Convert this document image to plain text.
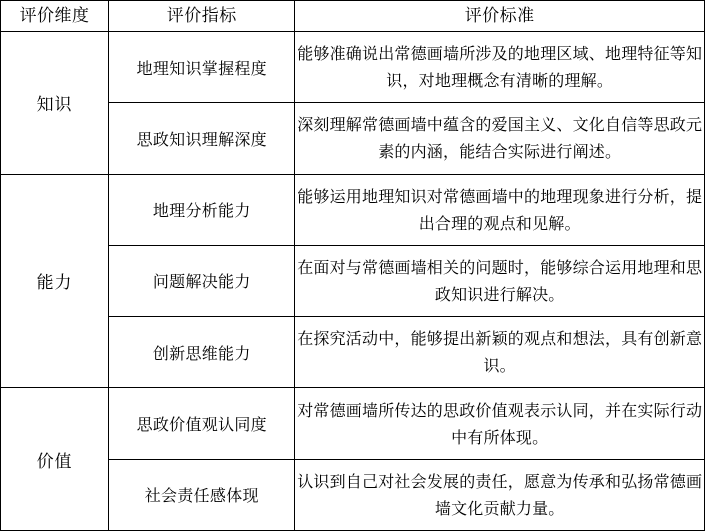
评价维度	评价指标	评价标准
知识	地理知识掌握程度	能够准确说出常德画墙所涉及的地理区域、地理特征等知识，对地理概念有清晰的理解。
	思政知识理解深度	深刻理解常德画墙中蕴含的爱国主义、文化自信等思政元素的内涵，能结合实际进行阐述。
能力	地理分析能力	能够运用地理知识对常德画墙中的地理现象进行分析，提出合理的观点和见解。
	问题解决能力	在面对与常德画墙相关的问题时，能够综合运用地理和思政知识进行解决。
	创新思维能力	在探究活动中，能够提出新颖的观点和想法，具有创新意识。
价值	思政价值观认同度	对常德画墙所传达的思政价值观表示认同，并在实际行动中有所体现。
	社会责任感体现	认识到自己对社会发展的责任，愿意为传承和弘扬常德画墙文化贡献力量。
